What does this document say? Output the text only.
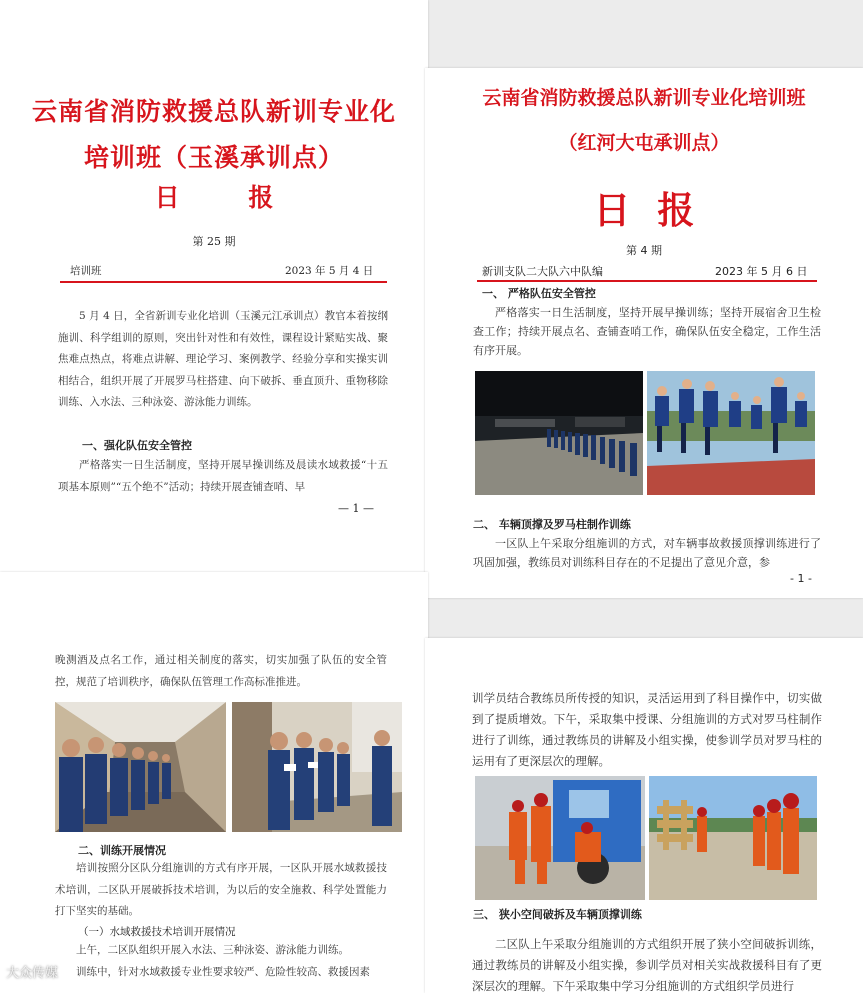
云南省消防救援总队新训专业化
培训班（玉溪承训点）
日 报
第 25 期
培训班	2023 年 5 月 4 日
5 月 4 日，全省新训专业化培训（玉溪元江承训点）教官本着按纲施训、科学组训的原则，突出针对性和有效性，课程设计紧贴实战、聚焦难点热点，将难点讲解、理论学习、案例教学、经验分享和实操实训相结合，组织开展了开展罗马柱搭建、向下破拆、垂直顶升、重物移除训练、入水法、三种泳姿、游泳能力训练。
一、强化队伍安全管控
严格落实一日生活制度，坚持开展早操训练及晨读水域救援“十五项基本原则”“五个绝不”活动；持续开展查铺查哨、早
— 1 —
云南省消防救援总队新训专业化培训班
（红河大屯承训点）
日 报
第 4 期
新训支队二大队六中队编	2023 年 5 月 6 日
一、 严格队伍安全管控
严格落实一日生活制度，坚持开展早操训练；坚持开展宿舍卫生检查工作；持续开展点名、查铺查哨工作，确保队伍安全稳定，工作生活有序开展。
二、 车辆顶撑及罗马柱制作训练
一区队上午采取分组施训的方式，对车辆事故救援顶撑训练进行了巩固加强，教练员对训练科目存在的不足提出了意见介意，参
- 1 -
晚测酒及点名工作，通过相关制度的落实，切实加强了队伍的安全管控，规范了培训秩序，确保队伍管理工作高标准推进。
二、训练开展情况
培训按照分区队分组施训的方式有序开展，一区队开展水域救援技术培训，二区队开展破拆技术培训，为以后的安全施救、科学处置能力打下坚实的基础。
（一）水域救援技术培训开展情况
上午，二区队组织开展入水法、三种泳姿、游泳能力训练。
训练中，针对水域救援专业性要求较严、危险性较高、救援因素
训学员结合教练员所传授的知识，灵活运用到了科目操作中，切实做到了提质增效。下午，采取集中授课、分组施训的方式对罗马柱制作进行了训练，通过教练员的讲解及小组实操，使参训学员对罗马柱的运用有了更深层次的理解。
三、 狭小空间破拆及车辆顶撑训练
二区队上午采取分组施训的方式组织开展了狭小空间破拆训练，通过教练员的讲解及小组实操，参训学员对相关实战救援科目有了更深层次的理解。下午采取集中学习分组施训的方式组织学员进行
大众传媒
